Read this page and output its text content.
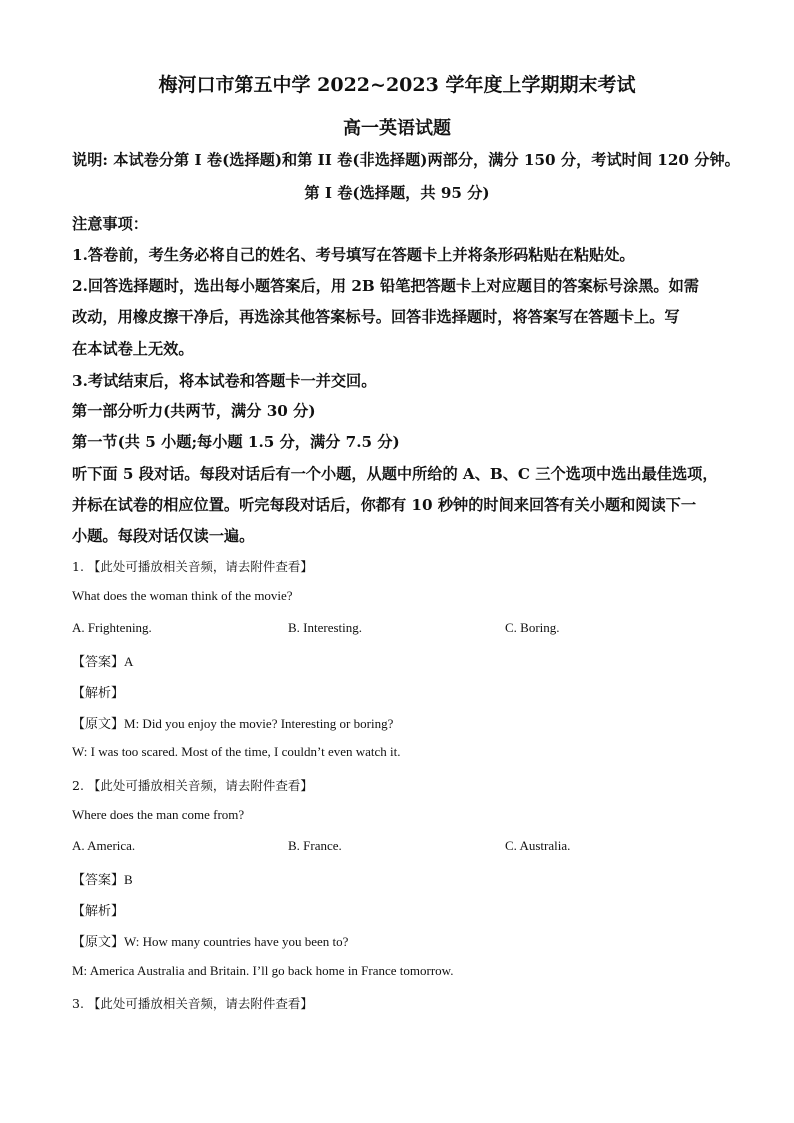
梅河口市第五中学 2022~2023 学年度上学期期末考试
高一英语试题
说明: 本试卷分第 I 卷(选择题)和第 II 卷(非选择题)两部分，满分 150 分，考试时间 120 分钟。
第 I 卷(选择题，共 95 分)
注意事项：
1.答卷前，考生务必将自己的姓名、考号填写在答题卡上并将条形码粘贴在粘贴处。
2.回答选择题时，选出每小题答案后，用 2B 铅笔把答题卡上对应题目的答案标号涂黑。如需
改动，用橡皮擦干净后，再选涂其他答案标号。回答非选择题时，将答案写在答题卡上。写
在本试卷上无效。
3.考试结束后，将本试卷和答题卡一并交回。
第一部分听力(共两节，满分 30 分)
第一节(共 5 小题;每小题 1.5 分，满分 7.5 分)
听下面 5 段对话。每段对话后有一个小题，从题中所给的 A、B、C 三个选项中选出最佳选项，
并标在试卷的相应位置。听完每段对话后，你都有 10 秒钟的时间来回答有关小题和阅读下一
小题。每段对话仅读一遍。
1. 【此处可播放相关音频，请去附件查看】
What does the woman think of the movie?
A. Frightening.	B. Interesting.	C. Boring.
【答案】A
【解析】
【原文】M: Did you enjoy the movie? Interesting or boring?
W: I was too scared. Most of the time, I couldn’t even watch it.
2. 【此处可播放相关音频，请去附件查看】
Where does the man come from?
A. America.	B. France.	C. Australia.
【答案】B
【解析】
【原文】W: How many countries have you been to?
M: America Australia and Britain. I’ll go back home in France tomorrow.
3. 【此处可播放相关音频，请去附件查看】
